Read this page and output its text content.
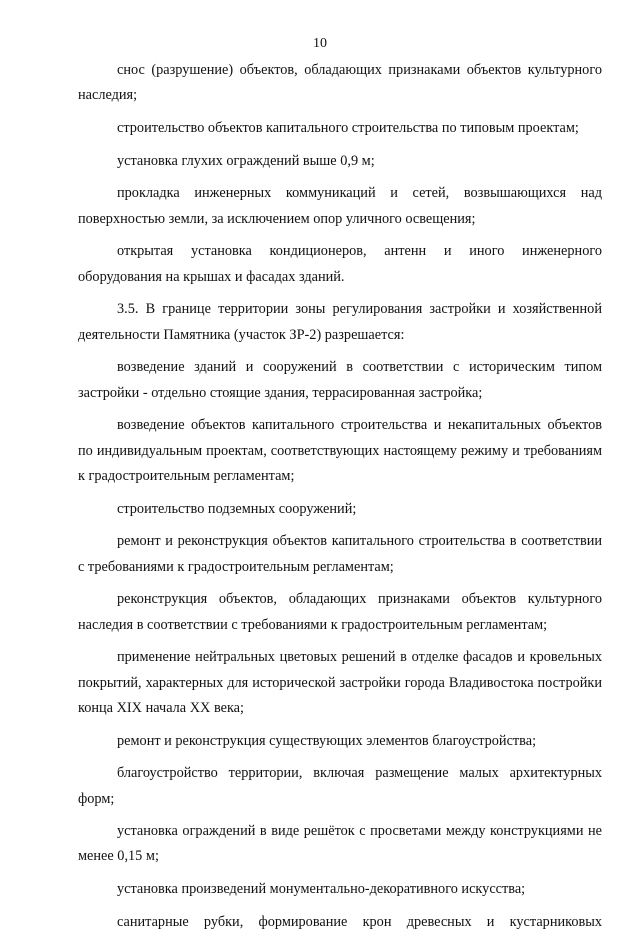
10

снос (разрушение) объектов, обладающих признаками объектов культурного наследия;

строительство объектов капитального строительства по типовым проектам;

установка глухих ограждений выше 0,9 м;

прокладка инженерных коммуникаций и сетей, возвышающихся над поверхностью земли, за исключением опор уличного освещения;

открытая установка кондиционеров, антенн и иного инженерного оборудования на крышах и фасадах зданий.

3.5. В границе территории зоны регулирования застройки и хозяйственной деятельности Памятника (участок ЗР-2) разрешается:

возведение зданий и сооружений в соответствии с историческим типом застройки - отдельно стоящие здания, террасированная застройка;

возведение объектов капитального строительства и некапитальных объектов по индивидуальным проектам, соответствующих настоящему режиму и требованиям к градостроительным регламентам;

строительство подземных сооружений;

ремонт и реконструкция объектов капитального строительства в соответствии с требованиями к градостроительным регламентам;

реконструкция объектов, обладающих признаками объектов культурного наследия в соответствии с требованиями к градостроительным регламентам;

применение нейтральных цветовых решений в отделке фасадов и кровельных покрытий, характерных для исторической застройки города Владивостока постройки конца XIX начала XX века;

ремонт и реконструкция существующих элементов благоустройства;

благоустройство территории, включая размещение малых архитектурных форм;

установка ограждений в виде решёток с просветами между конструкциями не менее 0,15 м;

установка произведений монументально-декоративного искусства;

санитарные рубки, формирование крон древесных и кустарниковых
